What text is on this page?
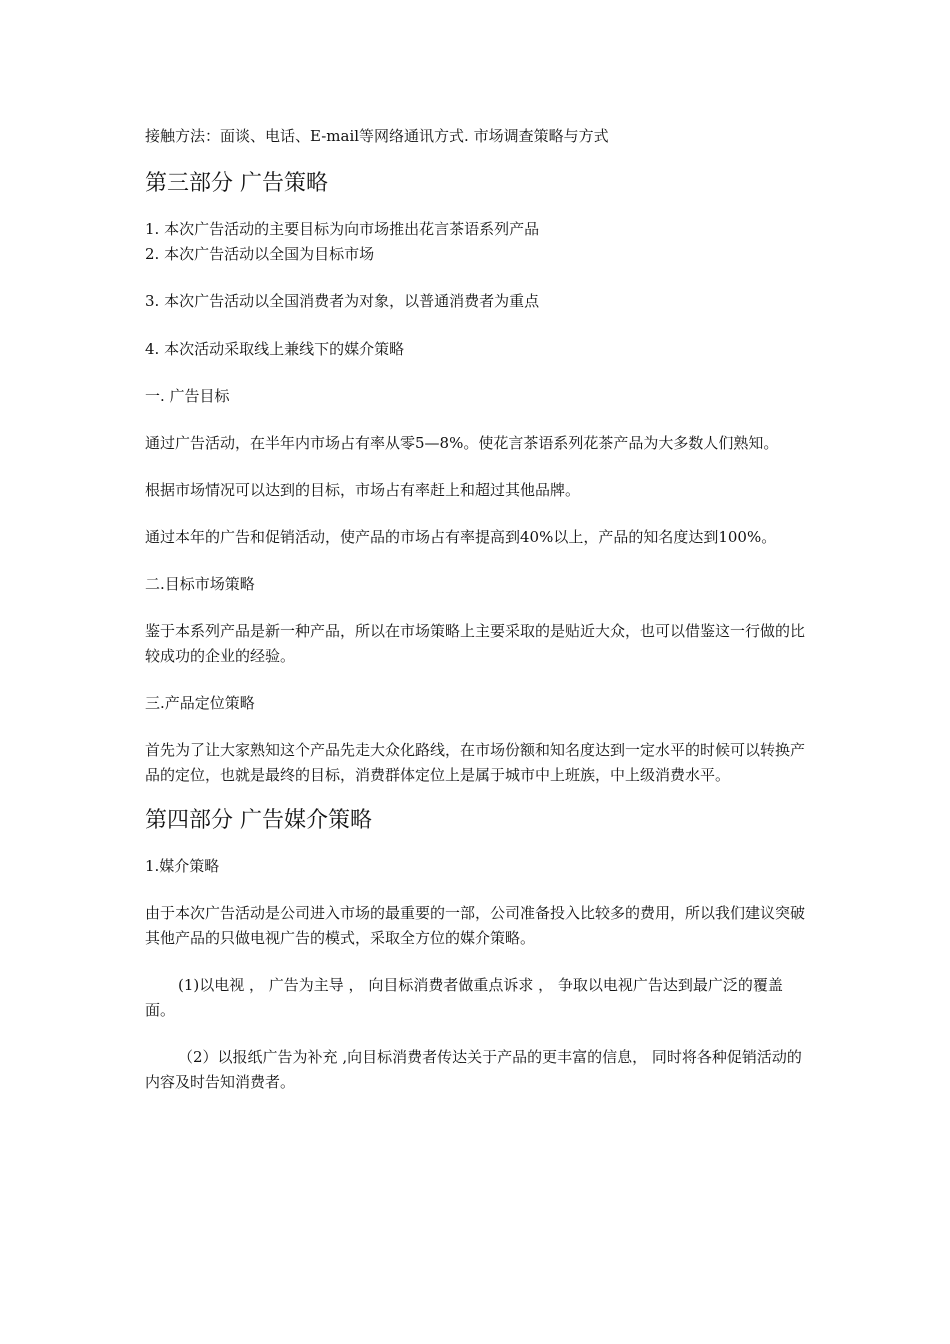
接触方法：面谈、电话、E-mail等网络通讯方式. 市场调查策略与方式

第三部分 广告策略

1. 本次广告活动的主要目标为向市场推出花言茶语系列产品

2. 本次广告活动以全国为目标市场

3. 本次广告活动以全国消费者为对象，以普通消费者为重点

4. 本次活动采取线上兼线下的媒介策略

一. 广告目标

通过广告活动，在半年内市场占有率从零5—8%。使花言茶语系列花茶产品为大多数人们熟知。

根据市场情况可以达到的目标，市场占有率赶上和超过其他品牌。

通过本年的广告和促销活动，使产品的市场占有率提高到40%以上，产品的知名度达到100%。

二.目标市场策略

鉴于本系列产品是新一种产品，所以在市场策略上主要采取的是贴近大众，也可以借鉴这一行做的比较成功的企业的经验。

三.产品定位策略

首先为了让大家熟知这个产品先走大众化路线，在市场份额和知名度达到一定水平的时候可以转换产品的定位，也就是最终的目标，消费群体定位上是属于城市中上班族，中上级消费水平。

第四部分 广告媒介策略

1.媒介策略

由于本次广告活动是公司进入市场的最重要的一部，公司准备投入比较多的费用，所以我们建议突破其他产品的只做电视广告的模式，采取全方位的媒介策略。

(1)以电视 ， 广告为主导 ， 向目标消费者做重点诉求 ， 争取以电视广告达到最广泛的覆盖面。

（2）以报纸广告为补充 ,向目标消费者传达关于产品的更丰富的信息， 同时将各种促销活动的内容及时告知消费者。
